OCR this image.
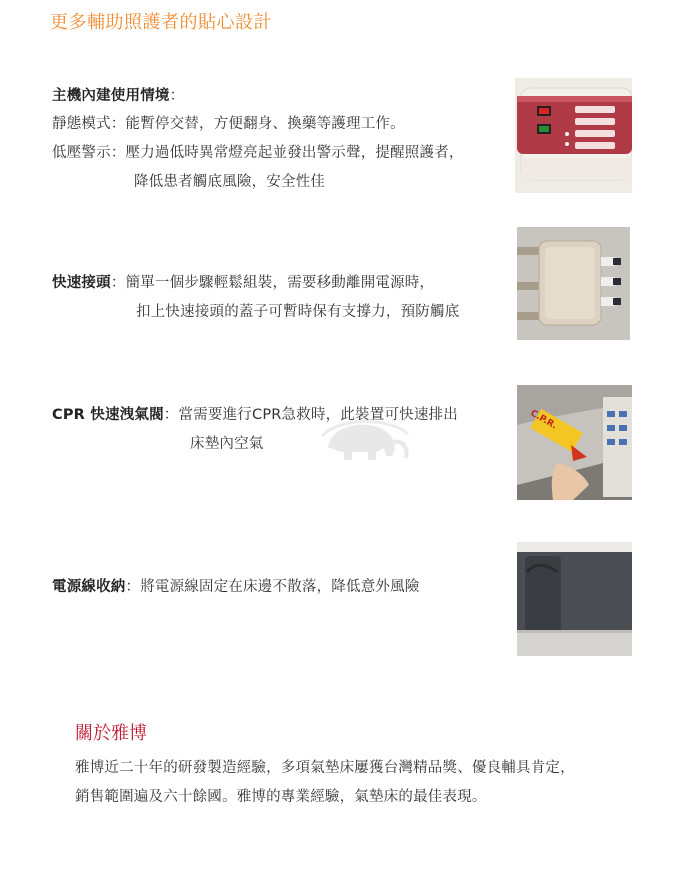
更多輔助照護者的貼心設計
主機內建使用情境：
靜態模式：能暫停交替，方便翻身、換藥等護理工作。
低壓警示：壓力過低時異常燈亮起並發出警示聲，提醒照護者，
降低患者觸底風險，安全性佳
快速接頭：簡單一個步驟輕鬆組裝，需要移動離開電源時，
扣上快速接頭的蓋子可暫時保有支撐力，預防觸底
CPR 快速洩氣閥：當需要進行CPR急救時，此裝置可快速排出
床墊內空氣
C.P.R.
電源線收納：將電源線固定在床邊不散落，降低意外風險
關於雅博
雅博近二十年的研發製造經驗，多項氣墊床屢獲台灣精品獎、優良輔具肯定，
銷售範圍遍及六十餘國。雅博的專業經驗，氣墊床的最佳表現。
